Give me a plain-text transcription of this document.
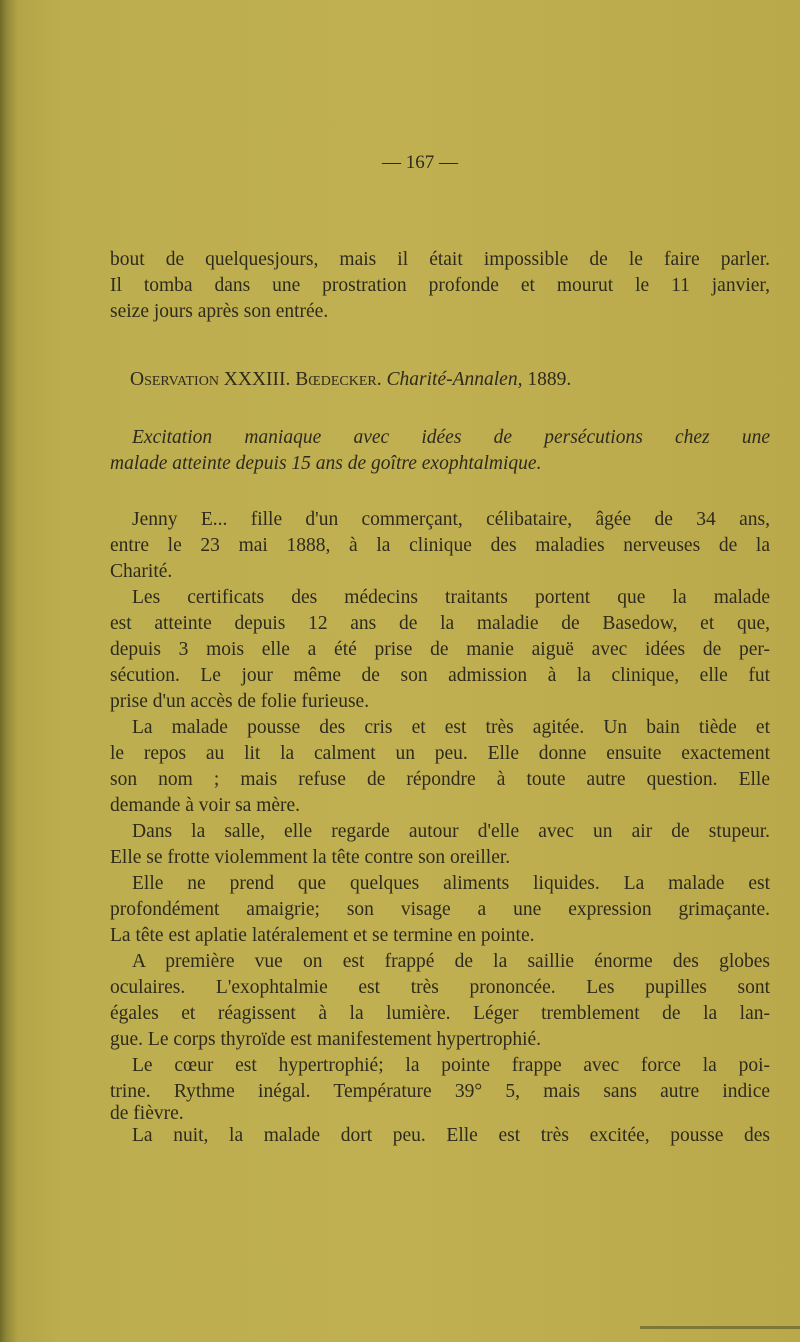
— 167 —
bout de quelquesjours, mais il était impossible de le faire parler.
Il tomba dans une prostration profonde et mourut le 11 janvier,
seize jours après son entrée.
Oservation XXXIII. Bœdecker. Charité-Annalen, 1889.
Excitation maniaque avec idées de persécutions chez une
malade atteinte depuis 15 ans de goître exophtalmique.
Jenny E... fille d'un commerçant, célibataire, âgée de 34 ans,
entre le 23 mai 1888, à la clinique des maladies nerveuses de la
Charité.
Les certificats des médecins traitants portent que la malade
est atteinte depuis 12 ans de la maladie de Basedow, et que,
depuis 3 mois elle a été prise de manie aiguë avec idées de per-
sécution. Le jour même de son admission à la clinique, elle fut
prise d'un accès de folie furieuse.
La malade pousse des cris et est très agitée. Un bain tiède et
le repos au lit la calment un peu. Elle donne ensuite exactement
son nom ; mais refuse de répondre à toute autre question. Elle
demande à voir sa mère.
Dans la salle, elle regarde autour d'elle avec un air de stupeur.
Elle se frotte violemment la tête contre son oreiller.
Elle ne prend que quelques aliments liquides. La malade est
profondément amaigrie; son visage a une expression grimaçante.
La tête est aplatie latéralement et se termine en pointe.
A première vue on est frappé de la saillie énorme des globes
oculaires. L'exophtalmie est très prononcée. Les pupilles sont
égales et réagissent à la lumière. Léger tremblement de la lan-
gue. Le corps thyroïde est manifestement hypertrophié.
Le cœur est hypertrophié; la pointe frappe avec force la poi-
trine. Rythme inégal. Température 39° 5, mais sans autre indice
de fièvre.
La nuit, la malade dort peu. Elle est très excitée, pousse des
